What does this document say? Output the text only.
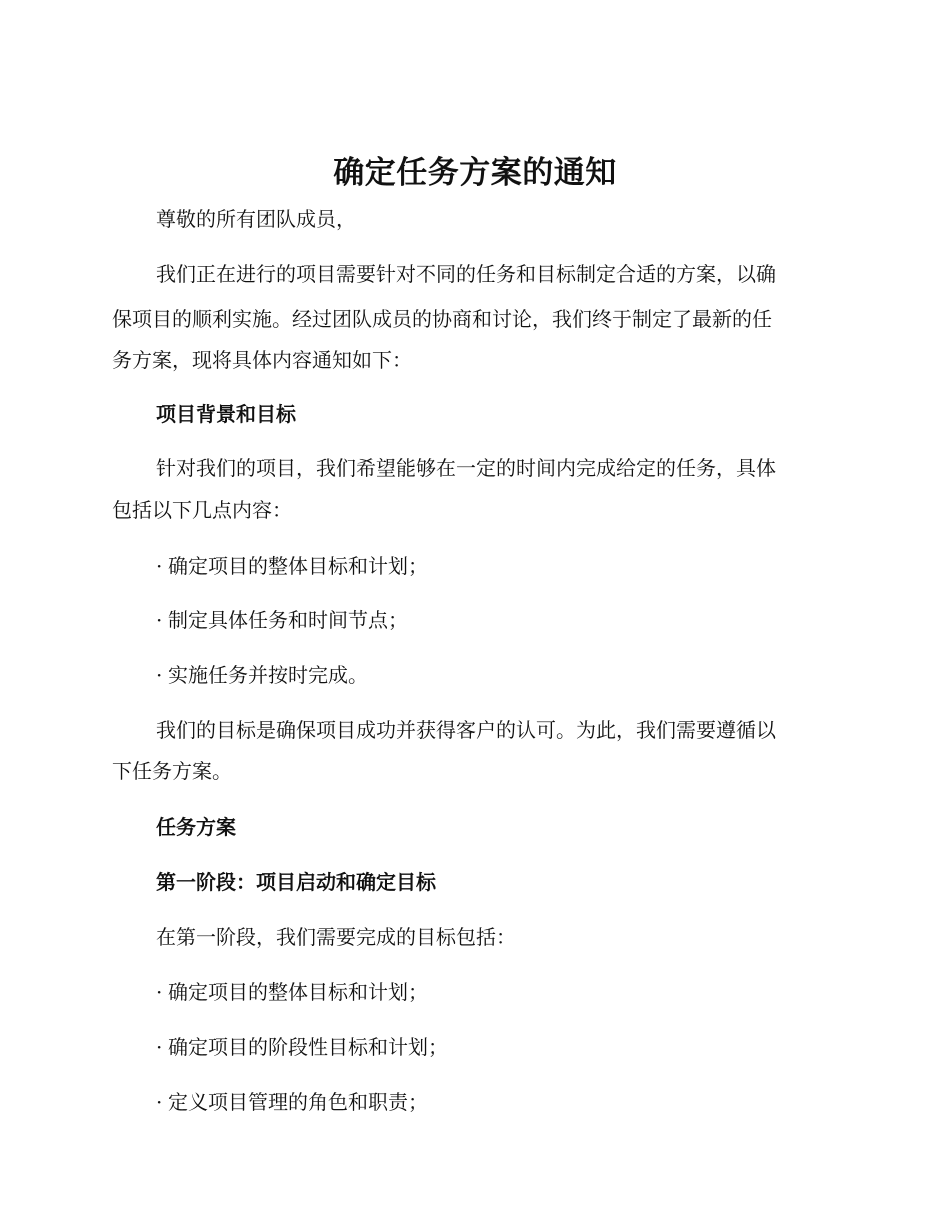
确定任务方案的通知

尊敬的所有团队成员，

我们正在进行的项目需要针对不同的任务和目标制定合适的方案，以确

保项目的顺利实施。经过团队成员的协商和讨论，我们终于制定了最新的任

务方案，现将具体内容通知如下：

项目背景和目标

针对我们的项目，我们希望能够在一定的时间内完成给定的任务，具体

包括以下几点内容：

· 确定项目的整体目标和计划；

· 制定具体任务和时间节点；

· 实施任务并按时完成。

我们的目标是确保项目成功并获得客户的认可。为此，我们需要遵循以

下任务方案。

任务方案

第一阶段：项目启动和确定目标

在第一阶段，我们需要完成的目标包括：

· 确定项目的整体目标和计划；

· 确定项目的阶段性目标和计划；

· 定义项目管理的角色和职责；
